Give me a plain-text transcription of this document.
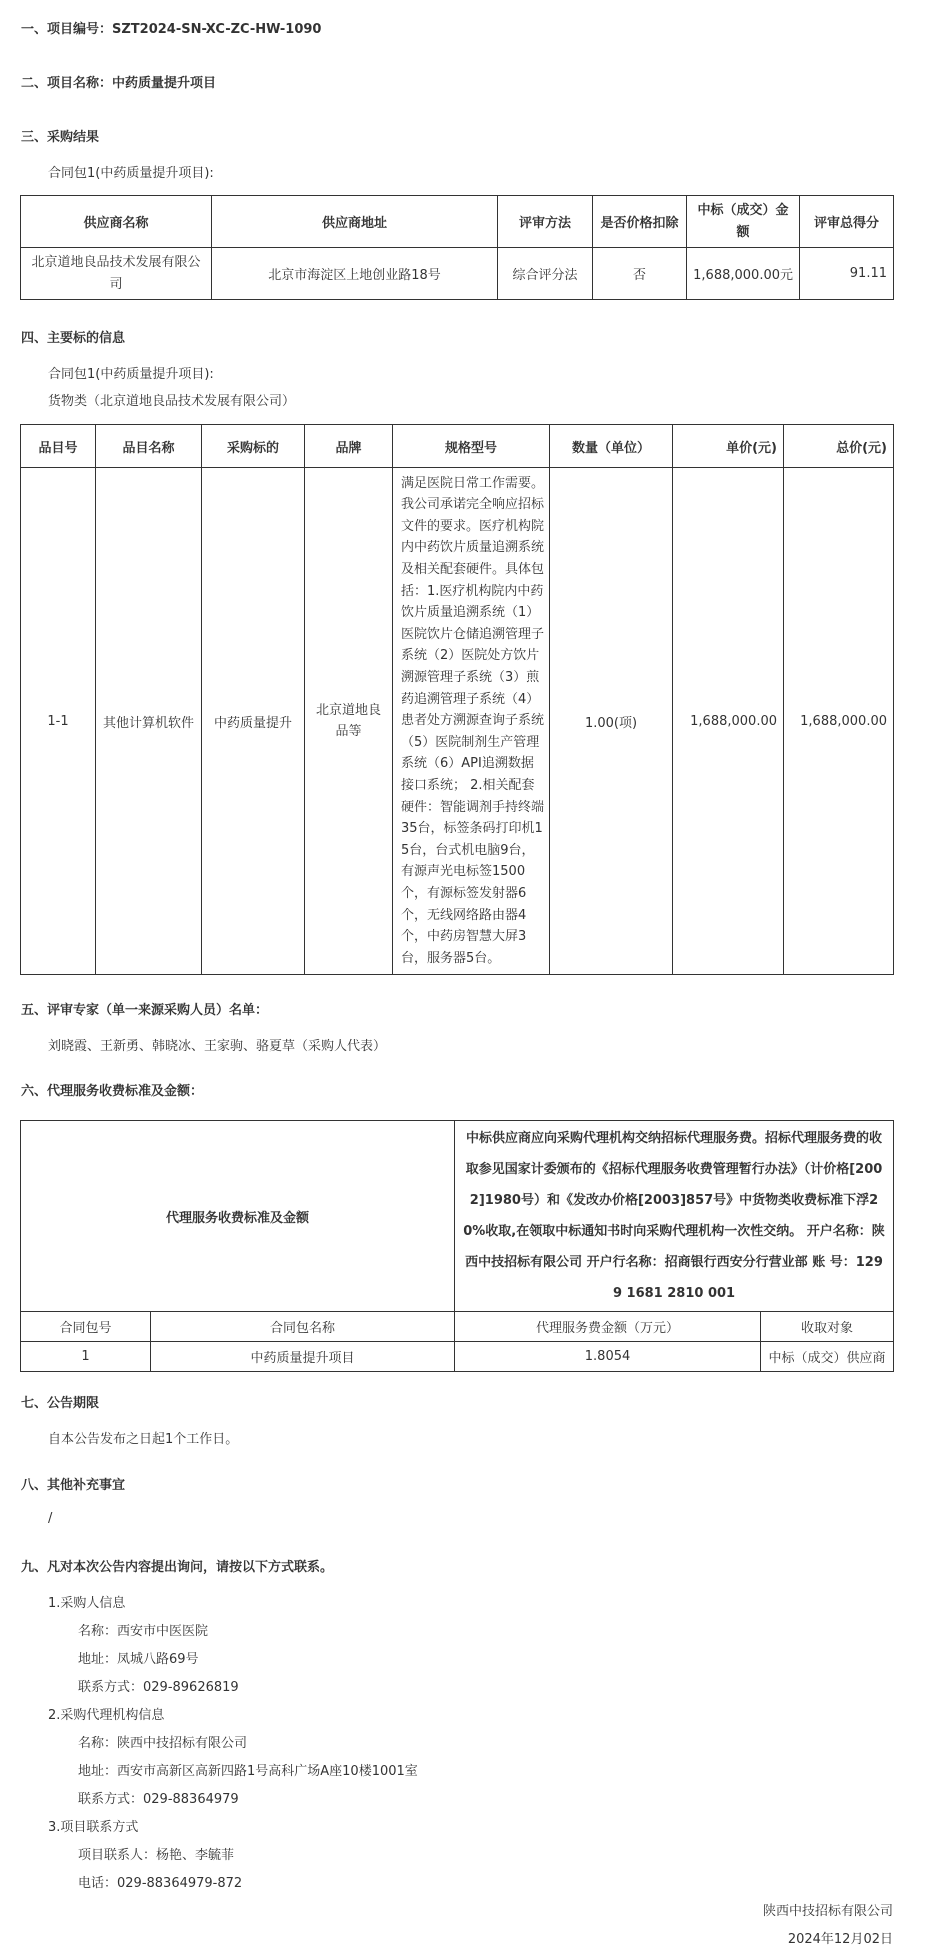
一、项目编号：SZT2024-SN-XC-ZC-HW-1090
二、项目名称：中药质量提升项目
三、采购结果
合同包1(中药质量提升项目):
供应商名称	供应商地址	评审方法	是否价格扣除	中标（成交）金额	评审总得分
北京道地良品技术发展有限公司	北京市海淀区上地创业路18号	综合评分法	否	1,688,000.00元	91.11
四、主要标的信息
合同包1(中药质量提升项目):
货物类（北京道地良品技术发展有限公司）
品目号	品目名称	采购标的	品牌	规格型号	数量（单位）	单价(元)	总价(元)
1-1	其他计算机软件	中药质量提升	北京道地良品等	满足医院日常工作需要。我公司承诺完全响应招标文件的要求。医疗机构院内中药饮片质量追溯系统及相关配套硬件。具体包括：1.医疗机构院内中药饮片质量追溯系统（1）医院饮片仓储追溯管理子系统（2）医院处方饮片溯源管理子系统（3）煎药追溯管理子系统（4）患者处方溯源查询子系统（5）医院制剂生产管理系统（6）API追溯数据接口系统； 2.相关配套硬件：智能调剂手持终端35台，标签条码打印机15台，台式机电脑9台，有源声光电标签1500个，有源标签发射器6个，无线网络路由器4个，中药房智慧大屏3台，服务器5台。	1.00(项)	1,688,000.00	1,688,000.00
五、评审专家（单一来源采购人员）名单：
刘晓霞、王新勇、韩晓冰、王家驹、骆夏草（采购人代表）
六、代理服务收费标准及金额：
代理服务收费标准及金额		中标供应商应向采购代理机构交纳招标代理服务费。招标代理服务费的收取参见国家计委颁布的《招标代理服务收费管理暂行办法》（计价格[2002]1980号）和《发改办价格[2003]857号》中货物类收费标准下浮20%收取,在领取中标通知书时向采购代理机构一次性交纳。 开户名称：陕西中技招标有限公司 开户行名称：招商银行西安分行营业部 账 号：1299 1681 2810 001	
合同包号	合同包名称	代理服务费金额（万元）	收取对象
1	中药质量提升项目	1.8054	中标（成交）供应商
七、公告期限
自本公告发布之日起1个工作日。
八、其他补充事宜
/
九、凡对本次公告内容提出询问，请按以下方式联系。
1.采购人信息
名称：西安市中医医院
地址：凤城八路69号
联系方式：029-89626819
2.采购代理机构信息
名称：陕西中技招标有限公司
地址：西安市高新区高新四路1号高科广场A座10楼1001室
联系方式：029-88364979
3.项目联系方式
项目联系人：杨艳、李毓菲
电话：029-88364979-872
陕西中技招标有限公司
2024年12月02日
